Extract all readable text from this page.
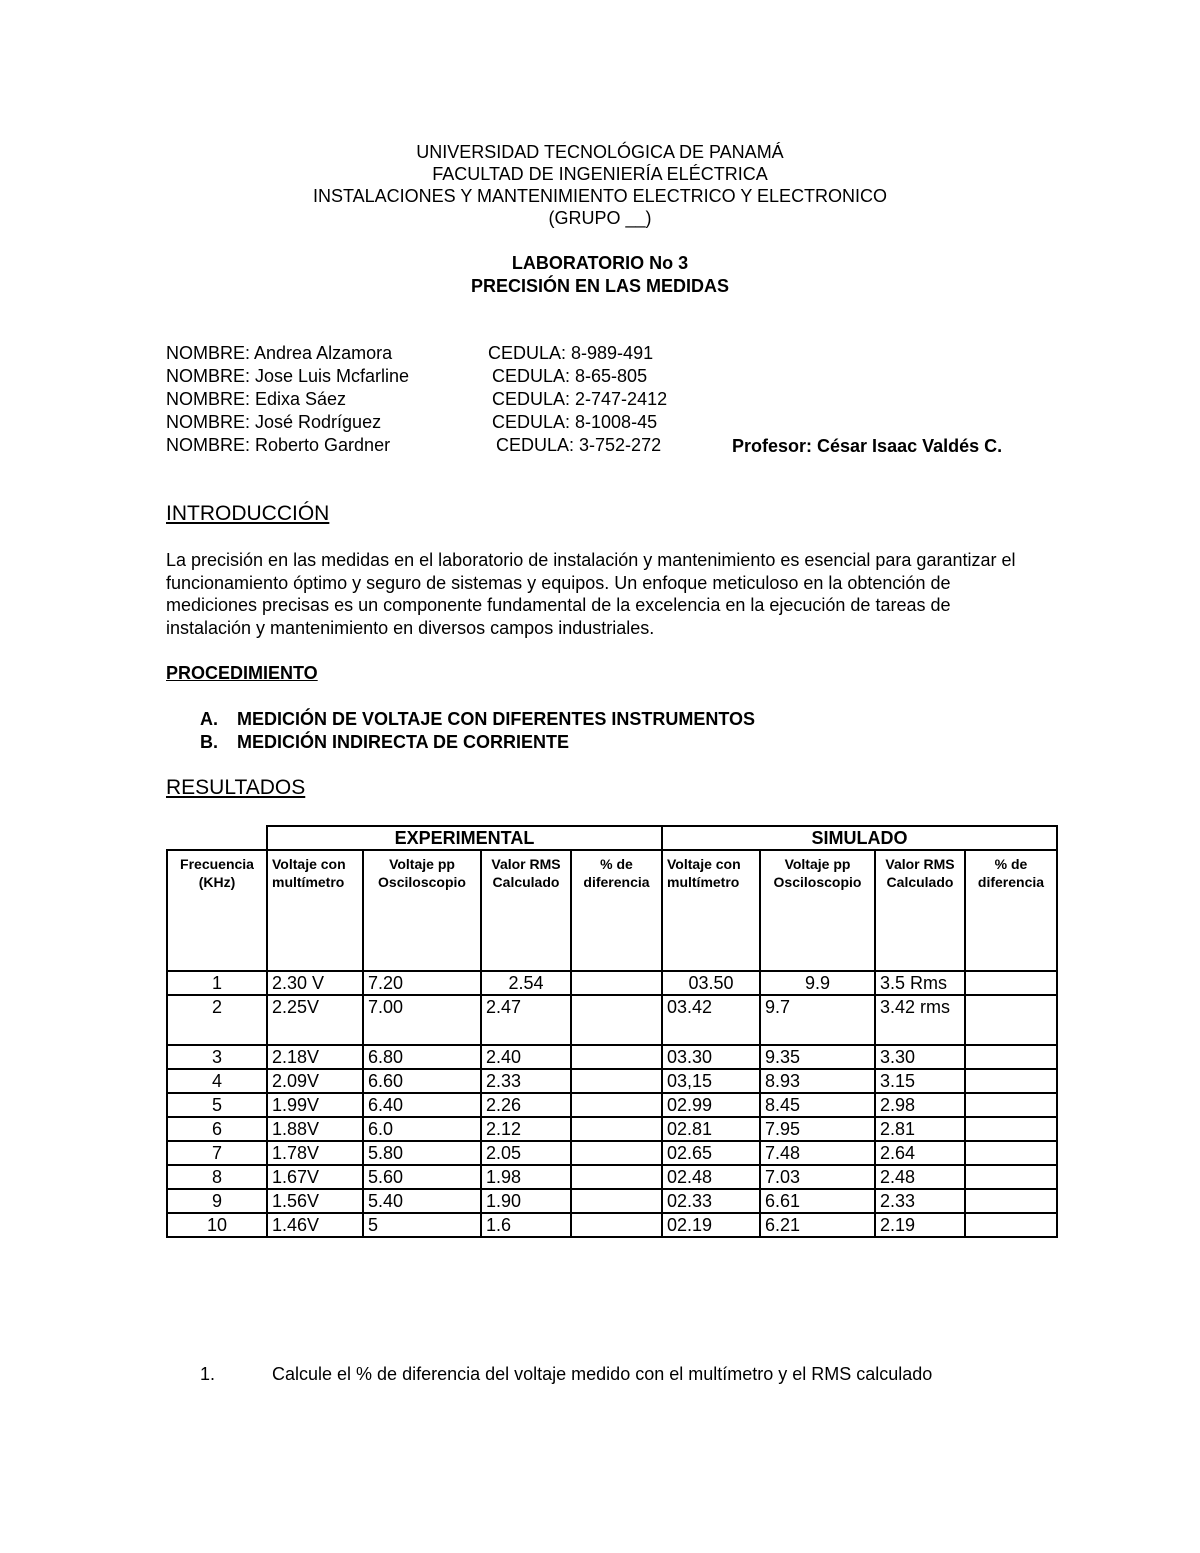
UNIVERSIDAD TECNOLÓGICA DE PANAMÁ
FACULTAD DE INGENIERÍA ELÉCTRICA
INSTALACIONES Y MANTENIMIENTO ELECTRICO Y ELECTRONICO
(GRUPO __)
LABORATORIO No 3
PRECISIÓN EN LAS MEDIDAS
NOMBRE: Andrea Alzamora	CEDULA: 8-989-491
NOMBRE: Jose Luis Mcfarline	CEDULA: 8-65-805
NOMBRE: Edixa Sáez	CEDULA: 2-747-2412
NOMBRE: José Rodríguez	CEDULA: 8-1008-45
NOMBRE: Roberto Gardner	CEDULA: 3-752-272	Profesor: César Isaac Valdés C.
INTRODUCCIÓN
La precisión en las medidas en el laboratorio de instalación y mantenimiento es esencial para garantizar el funcionamiento óptimo y seguro de sistemas y equipos. Un enfoque meticuloso en la obtención de mediciones precisas es un componente fundamental de la excelencia en la ejecución de tareas de instalación y mantenimiento en diversos campos industriales.
PROCEDIMIENTO
A. MEDICIÓN DE VOLTAJE CON DIFERENTES INSTRUMENTOS
B. MEDICIÓN INDIRECTA DE CORRIENTE
RESULTADOS
	EXPERIMENTAL				SIMULADO			
Frecuencia (KHz)	Voltaje con multímetro	Voltaje pp Osciloscopio	Valor RMS Calculado	% de diferencia	Voltaje con multímetro	Voltaje pp Osciloscopio	Valor RMS Calculado	% de diferencia
1	2.30 V	7.20	2.54		03.50	9.9	3.5 Rms	
2	2.25V	7.00	2.47		03.42	9.7	3.42 rms	
3	2.18V	6.80	2.40		03.30	9.35	3.30	
4	2.09V	6.60	2.33		03,15	8.93	3.15	
5	1.99V	6.40	2.26		02.99	8.45	2.98	
6	1.88V	6.0	2.12		02.81	7.95	2.81	
7	1.78V	5.80	2.05		02.65	7.48	2.64	
8	1.67V	5.60	1.98		02.48	7.03	2.48	
9	1.56V	5.40	1.90		02.33	6.61	2.33	
10	1.46V	5	1.6		02.19	6.21	2.19	
1.	Calcule el % de diferencia del voltaje medido con el multímetro y el RMS calculado
